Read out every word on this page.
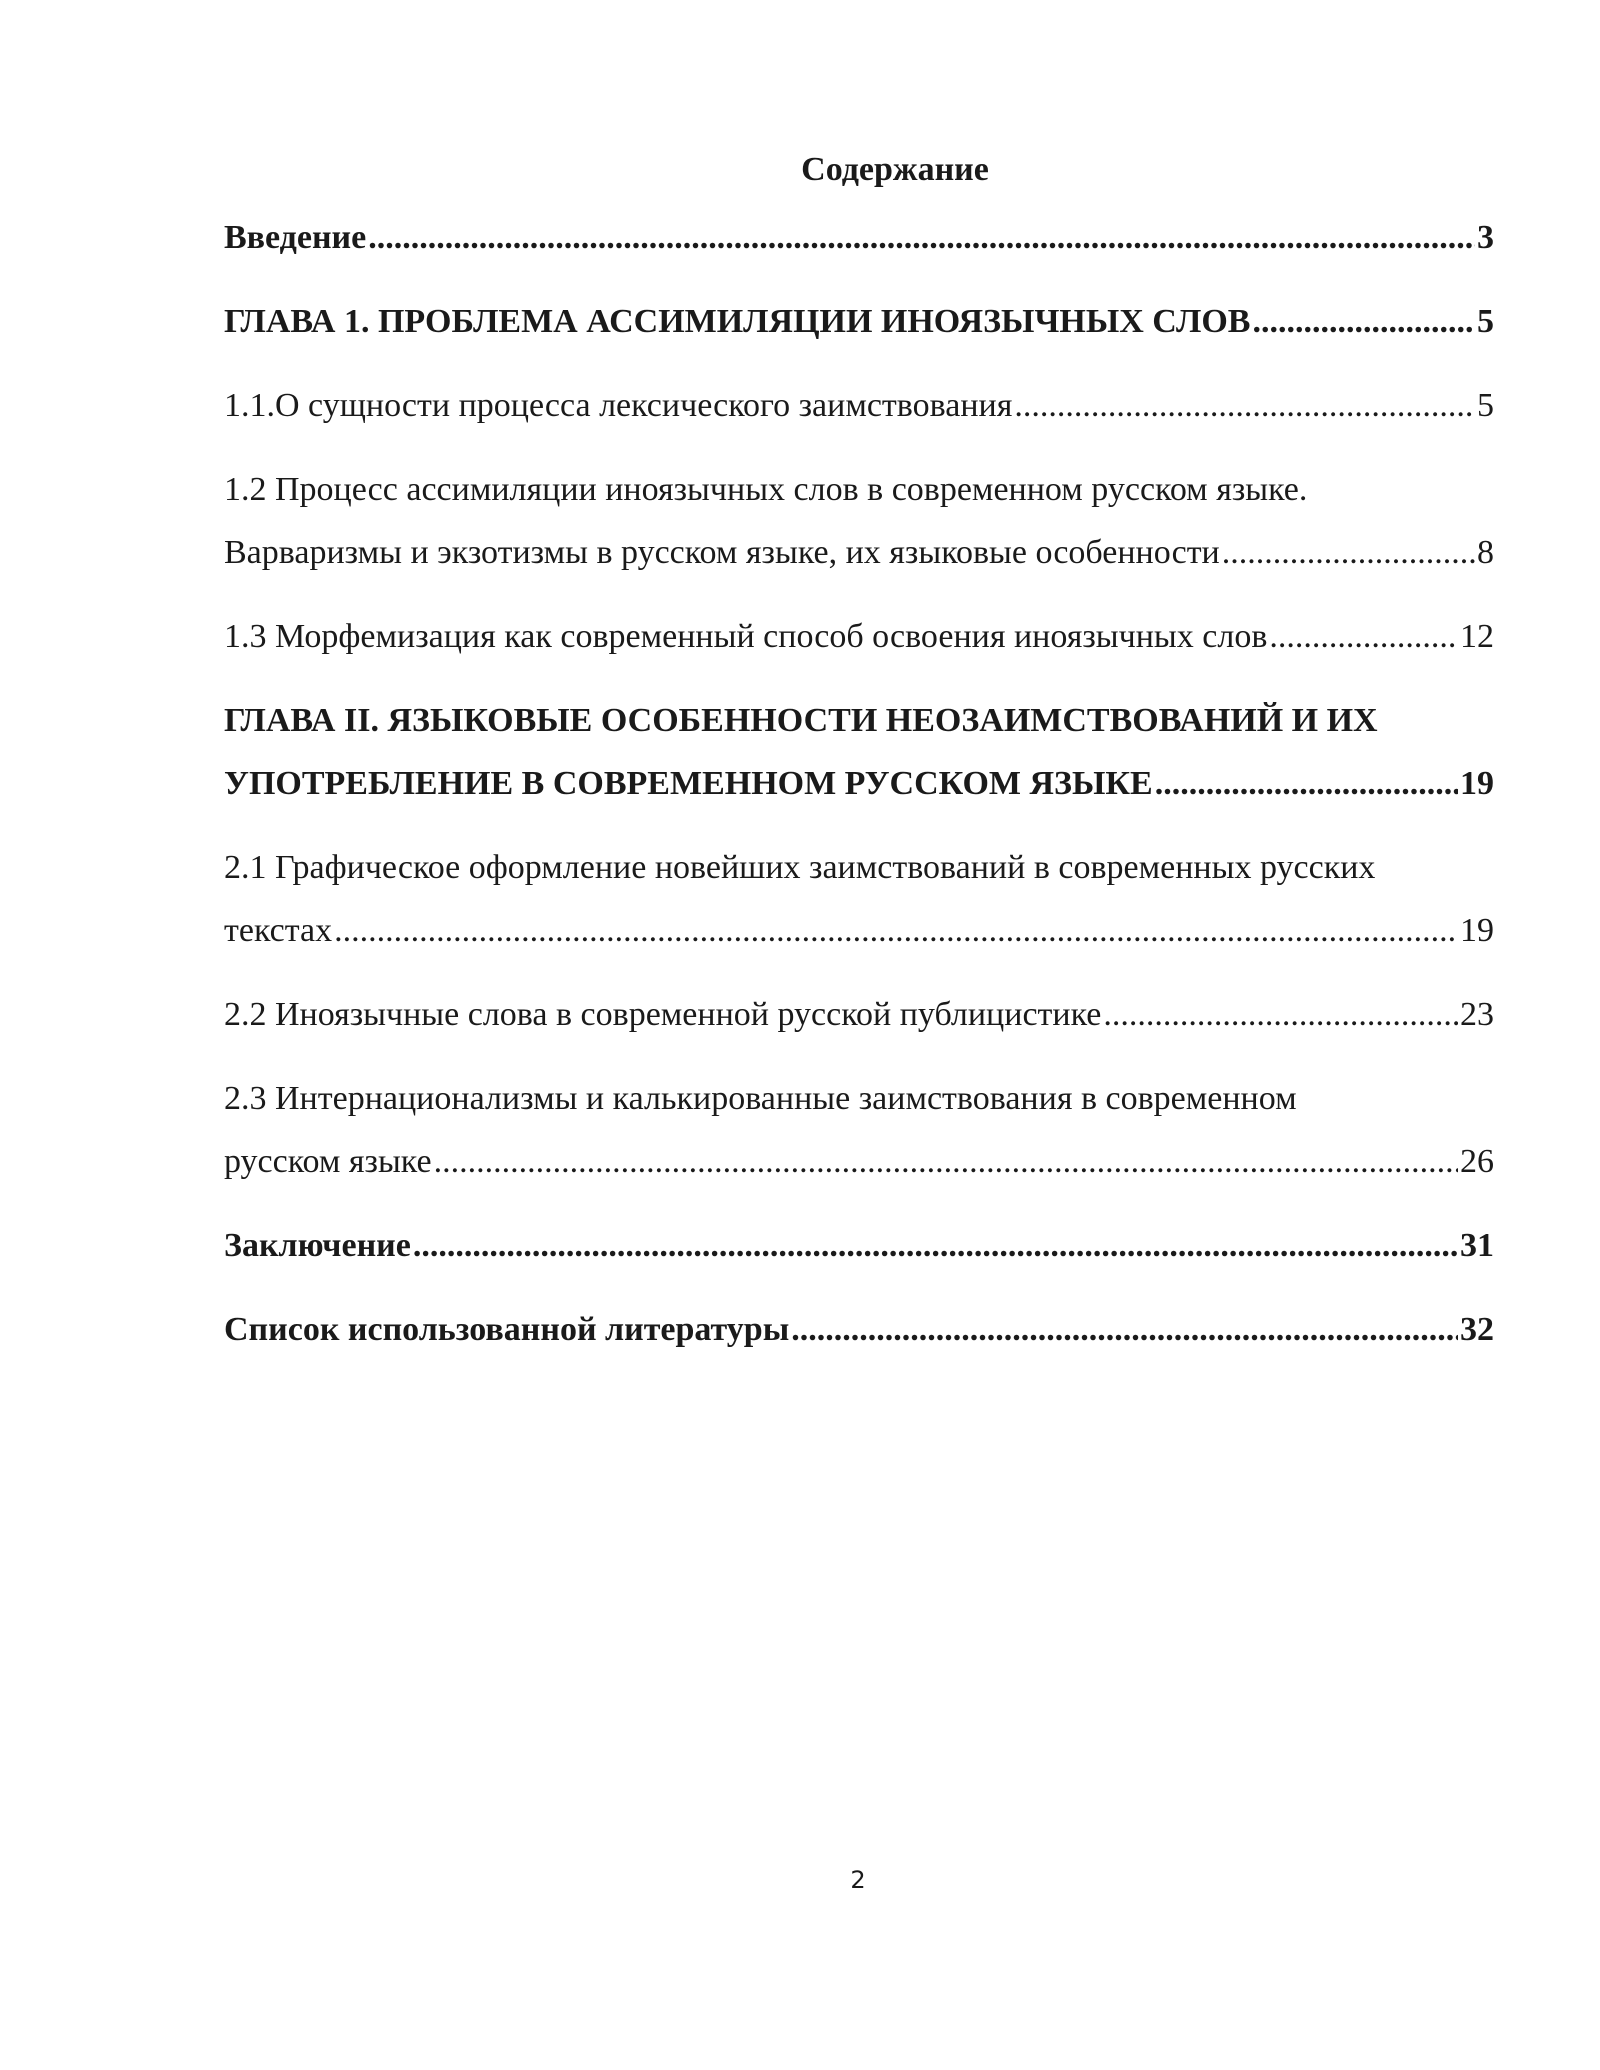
Содержание
Введение .....	3
ГЛАВА 1. ПРОБЛЕМА АССИМИЛЯЦИИ ИНОЯЗЫЧНЫХ СЛОВ .....	5
1.1.О сущности процесса лексического заимствования .....	5
1.2 Процесс ассимиляции иноязычных слов в современном русском языке.
Варваризмы и экзотизмы в русском языке, их языковые особенности .....	8
1.3 Морфемизация как современный способ освоения иноязычных слов .....	12
ГЛАВА II. ЯЗЫКОВЫЕ ОСОБЕННОСТИ НЕОЗАИМСТВОВАНИЙ И ИХ
УПОТРЕБЛЕНИЕ В СОВРЕМЕННОМ РУССКОМ ЯЗЫКЕ .....	19
2.1 Графическое оформление новейших заимствований в современных русских
текстах .....	19
2.2 Иноязычные слова в современной русской публицистике .....	23
2.3 Интернационализмы и калькированные заимствования в современном
русском языке .....	26
Заключение .....	31
Список использованной литературы .....	32
2
